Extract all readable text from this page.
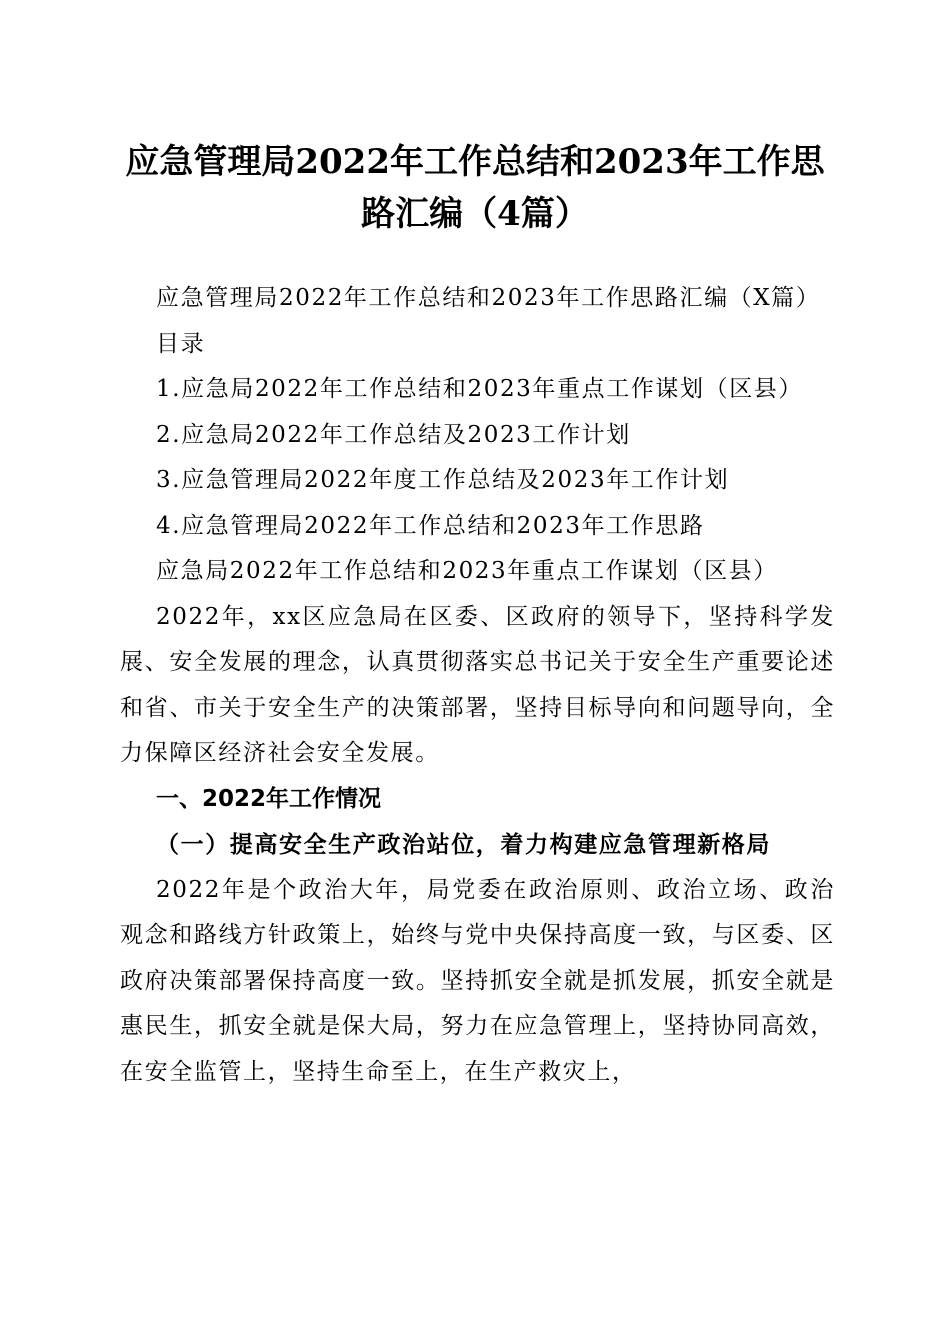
应急管理局2022年工作总结和2023年工作思
路汇编（4篇）

应急管理局2022年工作总结和2023年工作思路汇编（X篇）

目录

1.应急局2022年工作总结和2023年重点工作谋划（区县）

2.应急局2022年工作总结及2023工作计划

3.应急管理局2022年度工作总结及2023年工作计划

4.应急管理局2022年工作总结和2023年工作思路

应急局2022年工作总结和2023年重点工作谋划（区县）

2022年，xx区应急局在区委、区政府的领导下，坚持科学发展、安全发展的理念，认真贯彻落实总书记关于安全生产重要论述和省、市关于安全生产的决策部署，坚持目标导向和问题导向，全力保障区经济社会安全发展。

一、2022年工作情况

（一）提高安全生产政治站位，着力构建应急管理新格局

2022年是个政治大年，局党委在政治原则、政治立场、政治观念和路线方针政策上，始终与党中央保持高度一致，与区委、区政府决策部署保持高度一致。坚持抓安全就是抓发展，抓安全就是惠民生，抓安全就是保大局，努力在应急管理上，坚持协同高效，在安全监管上，坚持生命至上，在生产救灾上，
